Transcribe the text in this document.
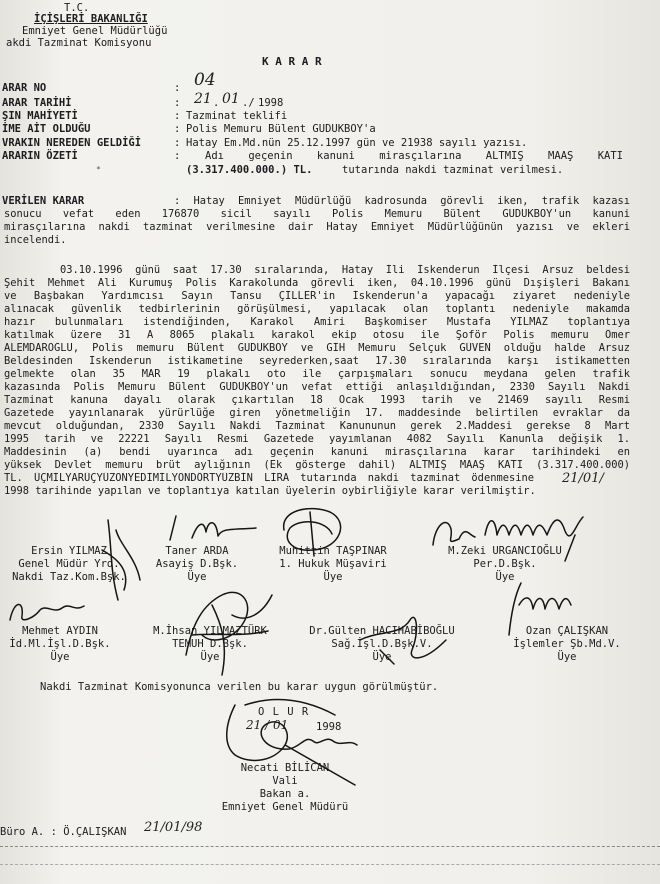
T.C.
İÇİŞLERİ BAKANLIĞI
Emniyet Genel Müdürlüğü
akdi Tazminat Komisyonu
K A R A R
ARAR NO	: 04
ARAR TARİHİ	: 21 . 01 ./ 1998
ŞIN MAHİYETİ	: Tazminat teklifi
İME AİT OLDUĞU	: Polis Memuru Bülent GUDUKBOY'a
VRAKIN NEREDEN GELDİĞİ	: Hatay Em.Md.nün 25.12.1997 gün ve 21938 sayılı yazısı.
ARARIN ÖZETİ	: Adı geçenin kanuni mirasçılarına ALTMIŞ MAAŞ KATI
(3.317.400.000.) TL.	tutarında nakdi tazminat verilmesi.
*
VERİLEN KARAR	: Hatay Emniyet Müdürlüğü kadrosunda görevli iken, trafik kazası
sonucu vefat eden 176870 sicil sayılı Polis Memuru Bülent GUDUKBOY'un kanuni
mirasçılarına nakdi tazminat verilmesine dair Hatay Emniyet Müdürlüğünün yazısı ve ekleri
incelendi.
03.10.1996 günü saat 17.30 sıralarında, Hatay İli İskenderun İlçesi Arsuz beldesi
Şehit Mehmet Ali Kurumuş Polis Karakolunda görevli iken, 04.10.1996 günü Dışişleri Bakanı
ve Başbakan Yardımcısı Sayın Tansu ÇİLLER'in İskenderun'a yapacağı ziyaret nedeniyle
alınacak güvenlik tedbirlerinin görüşülmesi, yapılacak olan toplantı nedeniyle makamda
hazır bulunmaları istendiğinden, Karakol Amiri Başkomiser Mustafa YILMAZ toplantıya
katılmak üzere 31 A 8065 plakalı karakol ekip otosu ile Şoför Polis memuru Ömer
ALEMDAROĞLU, Polis memuru Bülent GUDUKBOY ve GİH Memuru Selçuk GÜVEN olduğu halde Arsuz
Beldesinden İskenderun istikametine seyrederken,saat 17.30 sıralarında karşı istikametten
gelmekte olan 35 MAR 19 plakalı oto ile çarpışmaları sonucu meydana gelen trafik
kazasında Polis Memuru Bülent GUDUKBOY'un vefat ettiği anlaşıldığından, 2330 Sayılı Nakdi
Tazminat kanuna dayalı olarak çıkartılan 18 Ocak 1993 tarih ve 21469 sayılı Resmi
Gazetede yayınlanarak yürürlüğe giren yönetmeliğin 17. maddesinde belirtilen evraklar da
mevcut olduğundan, 2330 Sayılı Nakdi Tazminat Kanununun gerek 2.Maddesi gerekse 8 Mart
1995 tarih ve 22221 Sayılı Resmi Gazetede yayımlanan 4082 Sayılı Kanunla değişik 1.
Maddesinin (a) bendi uyarınca adı geçenin kanuni mirasçılarına karar tarihindeki en
yüksek Devlet memuru brüt aylığının (Ek gösterge dahil) ALTMIŞ MAAŞ KATI (3.317.400.000)
TL. ÜÇMİLYARÜÇYÜZONYEDİMİLYONDÖRTYÜZBİN LİRA tutarında nakdi tazminat ödenmesine
1998 tarihinde yapılan ve toplantıya katılan üyelerin oybirliğiyle karar verilmiştir.
21/01/
Ersin YILMAZ
Genel Müdür Yrd.
Nakdi Taz.Kom.Bşk.
Taner ARDA
Asayiş D.Bşk.
Üye
Muhittin TAŞPINAR
1. Hukuk Müşaviri
Üye
M.Zeki URGANCIOĞLU
Per.D.Bşk.
Üye
Mehmet AYDIN
İd.Ml.İşl.D.Bşk.
Üye
M.İhsan YILMAZTÜRK
TEMUH D.Bşk.
Üye
Dr.Gülten HACIHABİBOĞLU
Sağ.İşl.D.Bşk.V.
Üye
Ozan ÇALIŞKAN
İşlemler Şb.Md.V.
Üye
Nakdi Tazminat Komisyonunca verilen bu karar uygun görülmüştür.
O L U R
21 / 01	1998
Necati BİLİCAN
Vali
Bakan a.
Emniyet Genel Müdürü
Büro A. : Ö.ÇALIŞKAN 21/01/98
